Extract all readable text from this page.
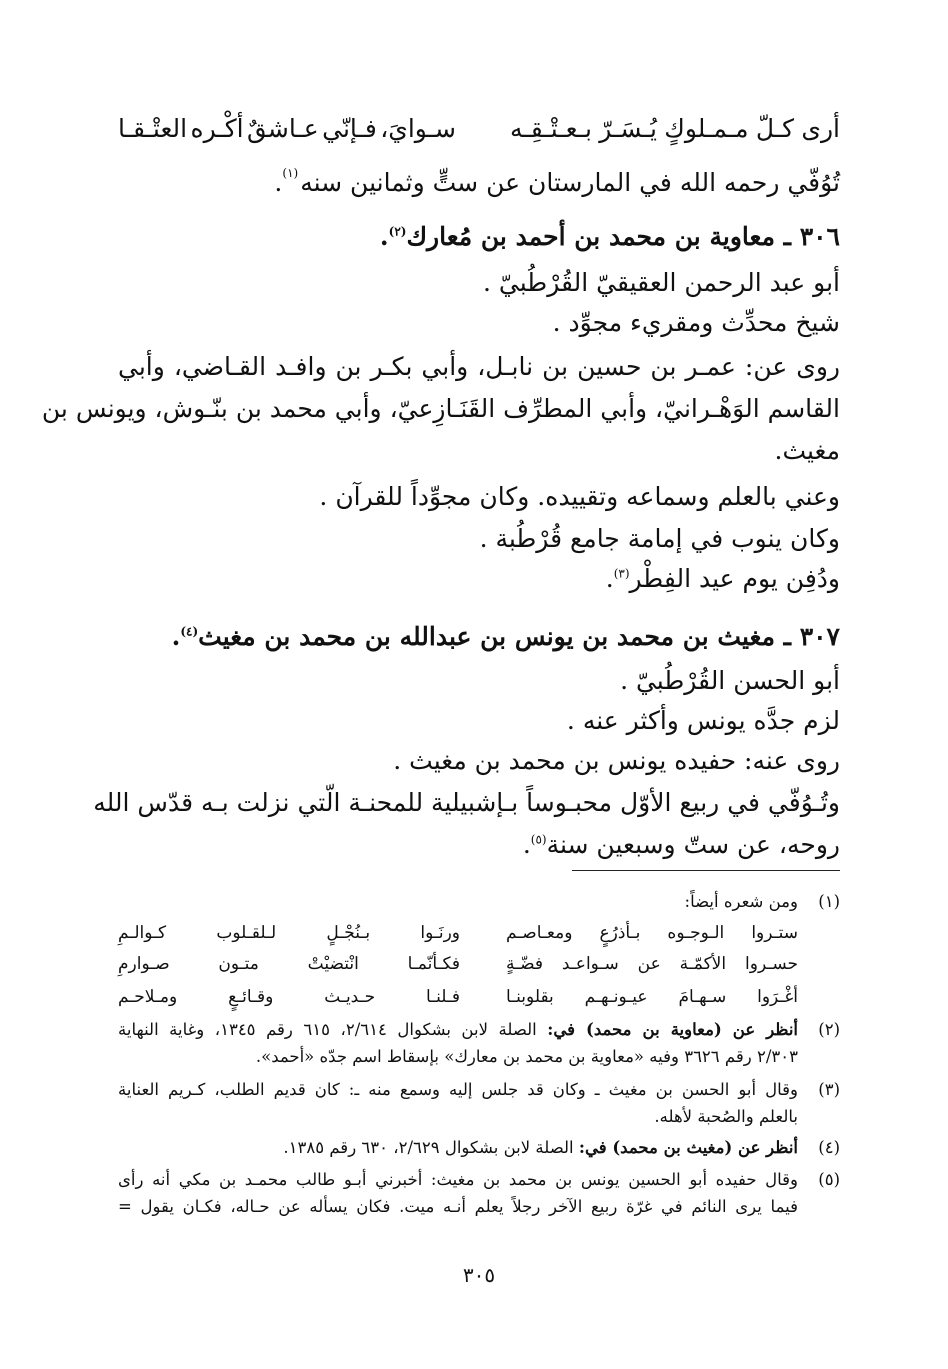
أرى
كـلّ
مـمـلوكٍ
يُـسَـرّ
بـعـتْـقِـه
سـوايَ،
فـإنّي
عـاشقٌ
أكْـره
العتْـقـا
تُوُفّي رحمه الله في المارستان عن ستٍّ وثمانين سنه$^{(١)}$.
٣٠٦ ـ معاوية بن محمد بن أحمد بن مُعارك$^{(٢)}$.
أبو عبد الرحمن العقيقيّ القُرْطُبيّ .
شيخ محدِّث ومقريء مجوِّد .
روى عن: عمـر بن حسين بن نابـل، وأبي بكـر بن وافـد القـاضي، وأبي
القاسم الوَهْـرانيّ، وأبي المطرِّف القَنَـازِعيّ، وأبي محمد بن بنّـوش، ويونس بن
مغيث.
وعني بالعلم وسماعه وتقييده. وكان مجوِّداً للقرآن .
وكان ينوب في إمامة جامع قُرْطُبة .
ودُفِن يوم عيد الفِطْر$^{(٣)}$.
٣٠٧ ـ مغيث بن محمد بن يونس بن عبدالله بن محمد بن مغيث$^{(٤)}$.
أبو الحسن القُرْطُبيّ .
لزم جدَّه يونس وأكثر عنه .
روى عنه: حفيده يونس بن محمد بن مغيث .
وتُـوُفّي في ربيع الأوّل محبـوساً بـإشبيلية للمحنـة الّتي نزلت بـه قدّس الله
روحه، عن ستّ وسبعين سنة$^{(٥)}$.
(١)
ومن شعره أيضاً:
ستـروا
الـوجـوه
بـأذرُعٍ
ومعـاصـم
ورنَـوا
بـنُجْـلٍ
لـلقـلوب
كـوالـمِ
حسـروا
الأكمّـة
عن
سـواعـد
فضّـةٍ
فكـأنّمـا
انْتضيْتْ
متـون
صـوارمِ
أغْـرَوا
سـهـامَ
عيـونـهـم
بقلوبنـا
فـلنـا
حـديـث
وقـائـعٍ
ومـلاحـم
(٢)
أنظر عن (معاوية بن محمد) في: الصلة لابن بشكوال ٢/٦١٤، ٦١٥ رقم ١٣٤٥، وغاية النهاية
٢/٣٠٣ رقم ٣٦٢٦ وفيه «معاوية بن محمد بن معارك» بإسقاط اسم جدّه «أحمد».
(٣)
وقال أبو الحسن بن مغيث ـ وكان قد جلس إليه وسمع منه ـ: كان قديم الطلب، كـريم العناية
بالعلم والصُحبة لأهله.
(٤)
أنظر عن (مغيث بن محمد) في: الصلة لابن بشكوال ٢/٦٢٩، ٦٣٠ رقم ١٣٨٥.
(٥)
وقال حفيده أبو الحسين يونس بن محمد بن مغيث: أخبرني أبـو طالب محمـد بن مكي أنه رأى
فيما يرى النائم في غرّة ربيع الآخر رجلاً يعلم أنـه ميت. فكان يسأله عن حـاله، فكـان يقول =
٣٠٥
